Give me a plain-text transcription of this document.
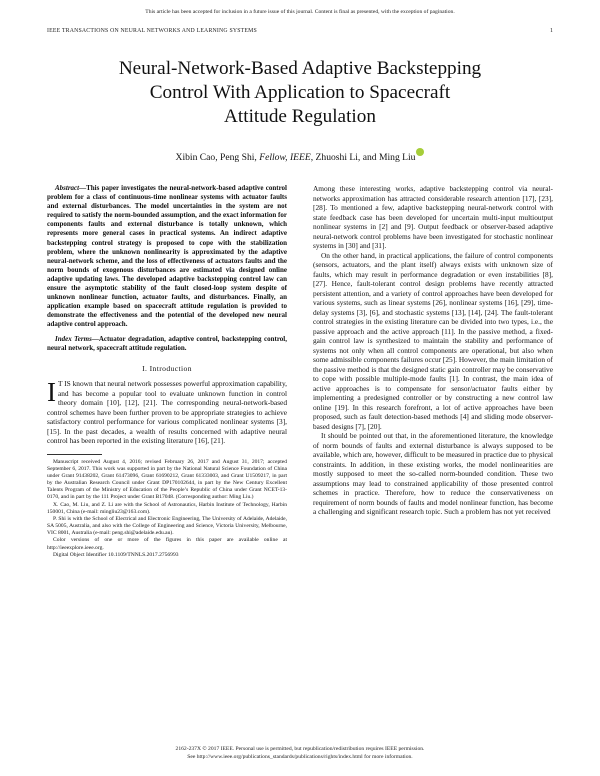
This article has been accepted for inclusion in a future issue of this journal. Content is final as presented, with the exception of pagination.
IEEE TRANSACTIONS ON NEURAL NETWORKS AND LEARNING SYSTEMS	1
Neural-Network-Based Adaptive Backstepping
Control With Application to Spacecraft
Attitude Regulation
Xibin Cao, Peng Shi, Fellow, IEEE, Zhuoshi Li, and Ming Liu

Abstract—This paper investigates the neural-network-based adaptive control problem for a class of continuous-time nonlinear systems with actuator faults and external disturbances. The model uncertainties in the system are not required to satisfy the norm-bounded assumption, and the exact information for components faults and external disturbance is totally unknown, which represents more general cases in practical systems. An indirect adaptive backstepping control strategy is proposed to cope with the stabilization problem, where the unknown nonlinearity is approximated by the adaptive neural-network scheme, and the loss of effectiveness of actuators faults and the norm bounds of exogenous disturbances are estimated via designed online adaptive updating laws. The developed adaptive backstepping control law can ensure the asymptotic stability of the fault closed-loop system despite of unknown nonlinear function, actuator faults, and disturbances. Finally, an application example based on spacecraft attitude regulation is provided to demonstrate the effectiveness and the potential of the developed new neural adaptive control approach.

Index Terms—Actuator degradation, adaptive control, backstepping control, neural network, spacecraft attitude regulation.

I. Introduction

I T IS known that neural network possesses powerful approximation capability, and has become a popular tool to evaluate unknown function in control theory domain [10], [12], [21]. The corresponding neural-network-based control schemes have been further proven to be appropriate strategies to achieve satisfactory control performance for various complicated nonlinear systems [3], [15]. In the past decades, a wealth of results concerned with adaptive neural control has been reported in the existing literature [16], [21].

Manuscript received August 4, 2016; revised February 26, 2017 and August 31, 2017; accepted September 6, 2017. This work was supported in part by the National Natural Science Foundation of China under Grant 91438202, Grant 61473096, Grant 61690212, Grant 61333003, and Grant U1509217, in part by the Australian Research Council under Grant DP170102644, in part by the New Century Excellent Talents Program of the Ministry of Education of the People’s Republic of China under Grant NCET-13-0170, and in part by the 111 Project under Grant B17048. (Corresponding author: Ming Liu.)

X. Cao, M. Liu, and Z. Li are with the School of Astronautics, Harbin Institute of Technology, Harbin 150001, China (e-mail: mingliu23@163.com).

P. Shi is with the School of Electrical and Electronic Engineering, The University of Adelaide, Adelaide, SA 5005, Australia, and also with the College of Engineering and Science, Victoria University, Melbourne, VIC 8001, Australia (e-mail: peng.shi@adelaide.edu.au).

Color versions of one or more of the figures in this paper are available online at http://ieeexplore.ieee.org.

Digital Object Identifier 10.1109/TNNLS.2017.2756993

Among these interesting works, adaptive backstepping control via neural-networks approximation has attracted considerable research attention [17], [23], [28]. To mentioned a few, adaptive backstepping neural-network control with state feedback case has been developed for uncertain multi-input multioutput nonlinear systems in [2] and [9]. Output feedback or observer-based adaptive neural-network control problems have been investigated for stochastic nonlinear systems in [30] and [31].

On the other hand, in practical applications, the failure of control components (sensors, actuators, and the plant itself) always exists with unknown size of faults, which may result in performance degradation or even instabilities [8], [27]. Hence, fault-tolerant control design problems have recently attracted persistent attention, and a variety of control approaches have been developed for various systems, such as linear systems [26], nonlinear systems [16], [29], time-delay systems [3], [6], and stochastic systems [13], [14], [24]. The fault-tolerant control strategies in the existing literature can be divided into two types, i.e., the passive approach and the active approach [11]. In the passive method, a fixed-gain control law is synthesized to maintain the stability and performance of systems not only when all control components are operational, but also when some admissible components failures occur [25]. However, the main limitation of the passive method is that the designed static gain controller may be conservative to cope with possible multiple-mode faults [1]. In contrast, the main idea of active approaches is to compensate for sensor/actuator faults either by implementing a predesigned controller or by constructing a new control law online [19]. In this research forefront, a lot of active approaches have been proposed, such as fault detection-based methods [4] and sliding mode observer-based designs [7], [20].

It should be pointed out that, in the aforementioned literature, the knowledge of norm bounds of faults and external disturbance is always supposed to be available, which are, however, difficult to be measured in practice due to physical constraints. In addition, in these existing works, the model nonlinearities are mostly supposed to meet the so-called norm-bounded condition. These two assumptions may lead to constrained applicability of those presented control schemes in practice. Therefore, how to reduce the conservativeness on requirement of norm bounds of faults and model nonlinear function, has become a challenging and significant research topic. Such a problem has not yet received

2162-237X © 2017 IEEE. Personal use is permitted, but republication/redistribution requires IEEE permission.
See http://www.ieee.org/publications_standards/publications/rights/index.html for more information.
